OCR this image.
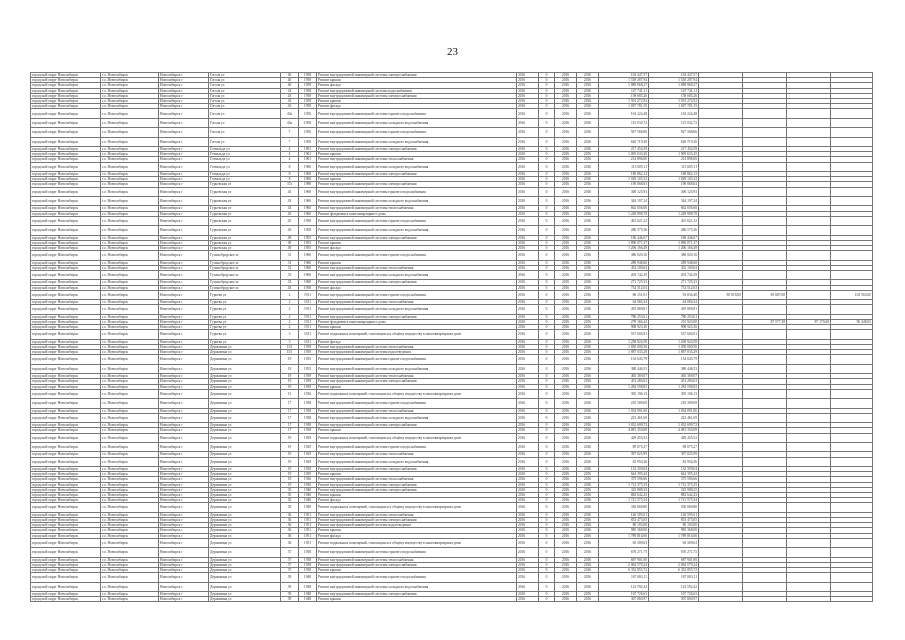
23
городской округ Новосибирск	г.о. Новосибирск	Новосибирск г	Гоголя ул	40	1958	Ремонт внутридомовой инженерной системы электроснабжения	2016	0	2016	2016	163 447,57	163 447,57				
городской округ Новосибирск	г.о. Новосибирск	Новосибирск г	Гоголя ул	40	1958	Ремонт крыши	2016	0	2016	2016	1 530 287,94	1 530 287,94				
городской округ Новосибирск	г.о. Новосибирск	Новосибирск г	Гоголя ул	40	1958	Ремонт фасада	2016	0	2016	2016	1 889 968,27	1 889 968,27				
городской округ Новосибирск	г.о. Новосибирск	Новосибирск г	Гоголя ул	43	1958	Ремонт внутридомовой инженерной системы водоснабжения	2016	0	2016	2016	147 741,11	147 741,11				
городской округ Новосибирск	г.о. Новосибирск	Новосибирск г	Гоголя ул	43	1958	Ремонт внутридомовой инженерной системы электроснабжения	2016	0	2016	2016	158 685,26	158 685,26				
городской округ Новосибирск	г.о. Новосибирск	Новосибирск г	Гоголя ул	43	1958	Ремонт крыши	2016	0	2016	2016	1 591 272,92	1 591 272,92				
городской округ Новосибирск	г.о. Новосибирск	Новосибирск г	Гоголя ул	43	1958	Ремонт фасада	2016	0	2016	2016	1 697 781,35	1 697 781,35				
городской округ Новосибирск	г.о. Новосибирск	Новосибирск г	Гоголя ул	43а	1956	Ремонт внутридомовой инженерной системы горячего водоснабжения	2016	0	2016	2016	163 224,48	163 224,48				
городской округ Новосибирск	г.о. Новосибирск	Новосибирск г	Гоголя ул	43а	1956	Ремонт внутридомовой инженерной системы холодного водоснабжения	2016	0	2016	2016	115 032,72	115 032,72				
городской округ Новосибирск	г.о. Новосибирск	Новосибирск г	Гоголя ул	7	1956	Ремонт внутридомовой инженерной системы горячего водоснабжения	2016	0	2016	2016	927 568,06	927 568,06				
городской округ Новосибирск	г.о. Новосибирск	Новосибирск г	Гоголя ул	7	1956	Ремонт внутридомовой инженерной системы холодного водоснабжения	2016	0	2016	2016	620 719,30	620 719,30				
городской округ Новосибирск	г.о. Новосибирск	Новосибирск г	Готвальда ул	4	1961	Ремонт внутридомовой инженерной системы электроснабжения	2016	0	2016	2016	217 454,59	217 454,59				
городской округ Новосибирск	г.о. Новосибирск	Новосибирск г	Готвальда ул	4	1961	Ремонт крыши	2016	0	2016	2016	1 005 633,45	1 005 633,45				
городской округ Новосибирск	г.о. Новосибирск	Новосибирск г	Готвальда ул	4	1961	Ремонт внутридомовой инженерной системы теплоснабжения	2016	0	2016	2016	214 896,00	214 896,00				
городской округ Новосибирск	г.о. Новосибирск	Новосибирск г	Готвальда ул	8	1960	Ремонт внутридомовой инженерной системы холодного водоснабжения	2016	0	2016	2016	113 605,11	113 605,11				
городской округ Новосибирск	г.о. Новосибирск	Новосибирск г	Готвальда ул	8	1960	Ремонт внутридомовой инженерной системы электроснабжения	2016	0	2016	2016	180 862,12	180 862,12				
городской округ Новосибирск	г.о. Новосибирск	Новосибирск г	Готвальда ул	8	1960	Ремонт крыши	2016	0	2016	2016	1 029 105,32	1 029 105,32				
городской округ Новосибирск	г.о. Новосибирск	Новосибирск г	Гурьевская ул	37а	1988	Ремонт внутридомовой инженерной системы электроснабжения	2016	0	2016	2016	190 068,63	190 068,63				
городской округ Новосибирск	г.о. Новосибирск	Новосибирск г	Гурьевская ул	43	1960	Ремонт внутридомовой инженерной системы горячего водоснабжения	2016	0	2016	2016	300 125,93	300 125,93				
городской округ Новосибирск	г.о. Новосибирск	Новосибирск г	Гурьевская ул	43	1960	Ремонт внутридомовой инженерной системы холодного водоснабжения	2016	0	2016	2016	344 197,24	344 197,24				
городской округ Новосибирск	г.о. Новосибирск	Новосибирск г	Гурьевская ул	43	1960	Ремонт внутридомовой инженерной системы теплоснабжения	2016	0	2016	2016	662 656,66	662 656,66				
городской округ Новосибирск	г.о. Новосибирск	Новосибирск г	Гурьевская ул	43	1960	Ремонт фундамента многоквартирного дома	2016	0	2016	2016	1 249 998,78	1 249 998,78				
городской округ Новосибирск	г.о. Новосибирск	Новосибирск г	Гурьевская ул	45	1958	Ремонт внутридомовой инженерной системы горячего водоснабжения	2016	0	2016	2016	401 621,32	401 621,32				
городской округ Новосибирск	г.о. Новосибирск	Новосибирск г	Гурьевская ул	45	1958	Ремонт внутридомовой инженерной системы холодного водоснабжения	2016	0	2016	2016	286 575,36	286 575,36				
городской округ Новосибирск	г.о. Новосибирск	Новосибирск г	Гурьевская ул	49	1955	Ремонт внутридомовой инженерной системы электроснабжения	2016	0	2016	2016	186 446,67	186 446,67				
городской округ Новосибирск	г.о. Новосибирск	Новосибирск г	Гурьевская ул	49	1955	Ремонт крыши	2016	0	2016	2016	1 890 071,37	1 890 071,37				
городской округ Новосибирск	г.о. Новосибирск	Новосибирск г	Гурьевская ул	49	1955	Ремонт фасада	2016	0	2016	2016	1 206 166,49	1 206 166,49				
городской округ Новосибирск	г.о. Новосибирск	Новосибирск г	Гусинобродское ш	31	1960	Ремонт внутридомовой инженерной системы горячего водоснабжения	2016	0	2016	2016	386 020,16	386 020,16				
городской округ Новосибирск	г.о. Новосибирск	Новосибирск г	Гусинобродское ш	31	1960	Ремонт крыши	2016	0	2016	2016	289 948,60	289 948,60				
городской округ Новосибирск	г.о. Новосибирск	Новосибирск г	Гусинобродское ш	31	1960	Ремонт внутридомовой инженерной системы теплоснабжения	2016	0	2016	2016	452 100,63	452 100,63				
городской округ Новосибирск	г.о. Новосибирск	Новосибирск г	Гусинобродское ш	33	1960	Ремонт внутридомовой инженерной системы холодного водоснабжения	2016	0	2016	2016	203 742,29	203 742,29				
городской округ Новосибирск	г.о. Новосибирск	Новосибирск г	Гусинобродское ш	33	1960	Ремонт внутридомовой инженерной системы электроснабжения	2016	0	2016	2016	271 725,33	271 725,33				
городской округ Новосибирск	г.о. Новосибирск	Новосибирск г	Гусинобродское ш	43	1958	Ремонт фасада	2016	0	2016	2016	752 512,63	752 512,63				
городской округ Новосибирск	г.о. Новосибирск	Новосибирск г	Гурьева ул	2	1911	Ремонт внутридомовой инженерной системы горячего водоснабжения	2016	0	2016	2016	86 151,01	93 836,40	85 818,00	85 687,00		103 563,00
городской округ Новосибирск	г.о. Новосибирск	Новосибирск г	Гурьева ул	2	1911	Ремонт внутридомовой инженерной системы теплоснабжения	2016	0	2016	2016	64 084,34	64 084,34				
городской округ Новосибирск	г.о. Новосибирск	Новосибирск г	Гурьева ул	2	1911	Ремонт внутридомовой инженерной системы холодного водоснабжения	2016	0	2016	2016	455 869,81	455 869,81				
городской округ Новосибирск	г.о. Новосибирск	Новосибирск г	Гурьева ул	2	1911	Ремонт внутридомовой инженерной системы электроснабжения	2016	0	2016	2016	786 253,61	786 253,61				
городской округ Новосибирск	г.о. Новосибирск	Новосибирск г	Гурьева ул	2	1911	Ремонт фундамента многоквартирного дома	2016	0	2016	2016	278 166,42	215 923,00		87 577,38	87 170,68	96 448,65
городской округ Новосибирск	г.о. Новосибирск	Новосибирск г	Гурьева ул	2	1911	Ремонт крыши	2016	0	2016	2016	908 923,30	908 923,30				
городской округ Новосибирск	г.о. Новосибирск	Новосибирск г	Гурьева ул	3	1911	Ремонт подвальных помещений, относящихся к общему имуществу в многоквартирном доме	2016	0	2016	2016	537 604,91	537 604,91				
городской округ Новосибирск	г.о. Новосибирск	Новосибирск г	Гурьева ул	3	1911	Ремонт фасада	2016	0	2016	2016	1 258 924,58	1 258 924,58				
городской округ Новосибирск	г.о. Новосибирск	Новосибирск г	Державина ул	101	1939	Ремонт внутридомовой инженерной системы теплоснабжения	2016	0	2016	2016	1 050 000,56	1 050 000,56				
городской округ Новосибирск	г.о. Новосибирск	Новосибирск г	Державина ул	101	1939	Ремонт внутридомовой инженерной системы водоотведения	2016	0	2016	2016	1 887 035,29	1 887 035,29				
городской округ Новосибирск	г.о. Новосибирск	Новосибирск г	Державина ул	19	1953	Ремонт внутридомовой инженерной системы горячего водоснабжения	2016	0	2016	2016	154 643,79	154 643,79				
городской округ Новосибирск	г.о. Новосибирск	Новосибирск г	Державина ул	19	1953	Ремонт внутридомовой инженерной системы холодного водоснабжения	2016	0	2016	2016	380 446,53	380 446,53				
городской округ Новосибирск	г.о. Новосибирск	Новосибирск г	Державина ул	19	1939	Ремонт внутридомовой инженерной системы теплоснабжения	2016	0	2016	2016	465 369,07	465 369,07				
городской округ Новосибирск	г.о. Новосибирск	Новосибирск г	Державина ул	19	1939	Ремонт внутридомовой инженерной системы электроснабжения	2016	0	2016	2016	451 284,63	451 284,63				
городской округ Новосибирск	г.о. Новосибирск	Новосибирск г	Державина ул	19	1939	Ремонт крыши	2016	0	2016	2016	1 284 598,82	1 284 598,82				
городской округ Новосибирск	г.о. Новосибирск	Новосибирск г	Державина ул	15	1936	Ремонт подвальных помещений, относящихся к общему имуществу в многоквартирном доме	2016	0	2016	2016	305 196,13	305 196,13				
городской округ Новосибирск	г.о. Новосибирск	Новосибирск г	Державина ул	17	1938	Ремонт внутридомовой инженерной системы горячего водоснабжения	2016	0	2016	2016	210 309,69	210 309,69				
городской округ Новосибирск	г.о. Новосибирск	Новосибирск г	Державина ул	17	1938	Ремонт внутридомовой инженерной системы теплоснабжения	2016	0	2016	2016	1 034 091,06	1 034 091,06				
городской округ Новосибирск	г.о. Новосибирск	Новосибирск г	Державина ул	17	1938	Ремонт внутридомовой инженерной системы холодного водоснабжения	2016	0	2016	2016	223 461,69	223 461,69				
городской округ Новосибирск	г.о. Новосибирск	Новосибирск г	Державина ул	17	1938	Ремонт внутридомовой инженерной системы электроснабжения	2016	0	2016	2016	1 032 699,72	1 032 699,72				
городской округ Новосибирск	г.о. Новосибирск	Новосибирск г	Державина ул	17	1938	Ремонт крыши	2016	0	2016	2016	4 081 350,08	4 081 350,08				
городской округ Новосибирск	г.о. Новосибирск	Новосибирск г	Державина ул	19	1939	Ремонт подвальных помещений, относящихся к общему имуществу в многоквартирном доме	2016	0	2016	2016	429 455,52	429 455,52				
городской округ Новосибирск	г.о. Новосибирск	Новосибирск г	Державина ул	19	1929	Ремонт внутридомовой инженерной системы горячего водоснабжения	2016	0	2016	2016	89 075,27	89 075,27				
городской округ Новосибирск	г.о. Новосибирск	Новосибирск г	Державина ул	19	1929	Ремонт внутридомовой инженерной системы теплоснабжения	2016	0	2016	2016	397 025,99	397 025,99				
городской округ Новосибирск	г.о. Новосибирск	Новосибирск г	Державина ул	19	1929	Ремонт внутридомовой инженерной системы холодного водоснабжения	2016	0	2016	2016	82 954,36	82 954,36				
городской округ Новосибирск	г.о. Новосибирск	Новосибирск г	Державина ул	19	1929	Ремонт внутридомовой инженерной системы электроснабжения	2016	0	2016	2016	132 359,04	132 359,04				
городской округ Новосибирск	г.о. Новосибирск	Новосибирск г	Державина ул	19	1929	Ремонт крыши	2016	0	2016	2016	644 395,42	644 395,42				
городской округ Новосибирск	г.о. Новосибирск	Новосибирск г	Державина ул	19	1936	Ремонт внутридомовой инженерной системы теплоснабжения	2016	0	2016	2016	375 596,66	375 596,66				
городской округ Новосибирск	г.о. Новосибирск	Новосибирск г	Державина ул	19	1936	Ремонт внутридомовой инженерной системы электроснабжения	2016	0	2016	2016	1 712 375,35	1 712 375,35				
городской округ Новосибирск	г.о. Новосибирск	Новосибирск г	Державина ул	35	1940	Ремонт внутридомовой инженерной системы электроснабжения	2016	0	2016	2016	325 988,35	325 988,35				
городской округ Новосибирск	г.о. Новосибирск	Новосибирск г	Державина ул	35	1940	Ремонт крыши	2016	0	2016	2016	882 642,43	882 642,43				
городской округ Новосибирск	г.о. Новосибирск	Новосибирск г	Державина ул	35	1940	Ремонт фасада	2016	0	2016	2016	1 721 575,34	1 721 575,34				
городской округ Новосибирск	г.о. Новосибирск	Новосибирск г	Державина ул	35	1940	Ремонт подвальных помещений, относящихся к общему имуществу в многоквартирном доме	2016	0	2016	2016	330 669,80	330 669,80				
городской округ Новосибирск	г.о. Новосибирск	Новосибирск г	Державина ул	36	1951	Ремонт внутридомовой инженерной системы теплоснабжения	2016	0	2016	2016	126 595,01	126 595,01				
городской округ Новосибирск	г.о. Новосибирск	Новосибирск г	Державина ул	36	1951	Ремонт внутридомовой инженерной системы электроснабжения	2016	0	2016	2016	853 475,05	853 475,05				
городской округ Новосибирск	г.о. Новосибирск	Новосибирск г	Державина ул	36	1951	Ремонт внутридомовой инженерной системы водоотведения	2016	0	2016	2016	80 103,00	80 103,00				
городской округ Новосибирск	г.о. Новосибирск	Новосибирск г	Державина ул	36	1951	Ремонт крыши	2016	0	2016	2016	985 368,00	985 368,00				
городской округ Новосибирск	г.о. Новосибирск	Новосибирск г	Державина ул	36	1951	Ремонт фасада	2016	0	2016	2016	1 789 816,06	1 789 816,06				
городской округ Новосибирск	г.о. Новосибирск	Новосибирск г	Державина ул	36	1951	Ремонт подвальных помещений, относящихся к общему имуществу в многоквартирном доме	2016	0	2016	2016	65 309,63	65 309,63				
городской округ Новосибирск	г.о. Новосибирск	Новосибирск г	Державина ул	37	1938	Ремонт внутридомовой инженерной системы горячего водоснабжения	2016	0	2016	2016	676 271,75	676 271,75				
городской округ Новосибирск	г.о. Новосибирск	Новосибирск г	Державина ул	37	1938	Ремонт внутридомовой инженерной системы теплоснабжения	2016	0	2016	2016	687 901,00	687 901,00				
городской округ Новосибирск	г.о. Новосибирск	Новосибирск г	Державина ул	37	1938	Ремонт внутридомовой инженерной системы электроснабжения	2016	0	2016	2016	2 062 579,24	2 062 579,24				
городской округ Новосибирск	г.о. Новосибирск	Новосибирск г	Державина ул	37	1938	Ремонт крыши	2016	0	2016	2016	6 352 855,72	6 352 855,72				
городской округ Новосибирск	г.о. Новосибирск	Новосибирск г	Державина ул	39	1948	Ремонт внутридомовой инженерной системы горячего водоснабжения	2016	0	2016	2016	167 083,11	167 083,11				
городской округ Новосибирск	г.о. Новосибирск	Новосибирск г	Державина ул	39	1948	Ремонт внутридомовой инженерной системы холодного водоснабжения	2016	0	2016	2016	123 592,42	123 592,42				
городской округ Новосибирск	г.о. Новосибирск	Новосибирск г	Державина ул	39	1948	Ремонт внутридомовой инженерной системы электроснабжения	2016	0	2016	2016	167 726,63	167 726,63				
городской округ Новосибирск	г.о. Новосибирск	Новосибирск г	Державина ул	39	1948	Ремонт крыши	2016	0	2016	2016	307 860,97	307 860,97				
